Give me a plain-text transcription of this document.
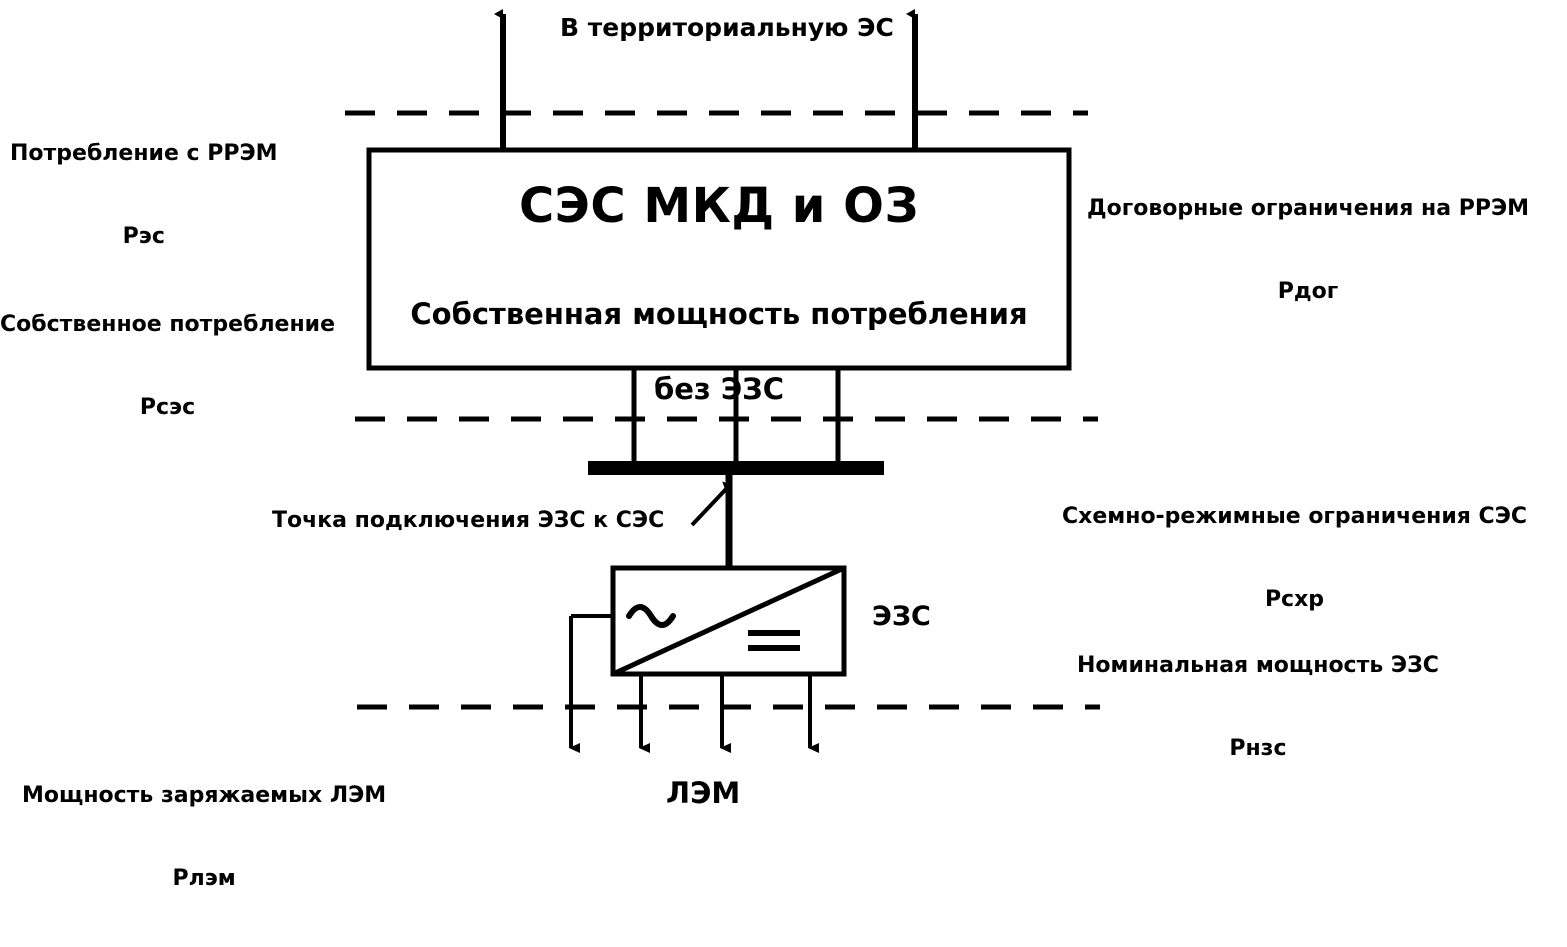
СЭС МКД и ОЗ

Собственная мощность потребления

без ЭЗС

В территориальную ЭС

Потребление с РРЭМ

Рэс

Договорные ограничения на РРЭМ

Рдог

Собственное потребление

Рсэс

Схемно-режимные ограничения СЭС

Рсхр

Точка подключения ЭЗС к СЭС

Номинальная мощность ЭЗС

Рнзс

ЭЗС

Мощность заряжаемых ЛЭМ

Рлэм

ЛЭМ
